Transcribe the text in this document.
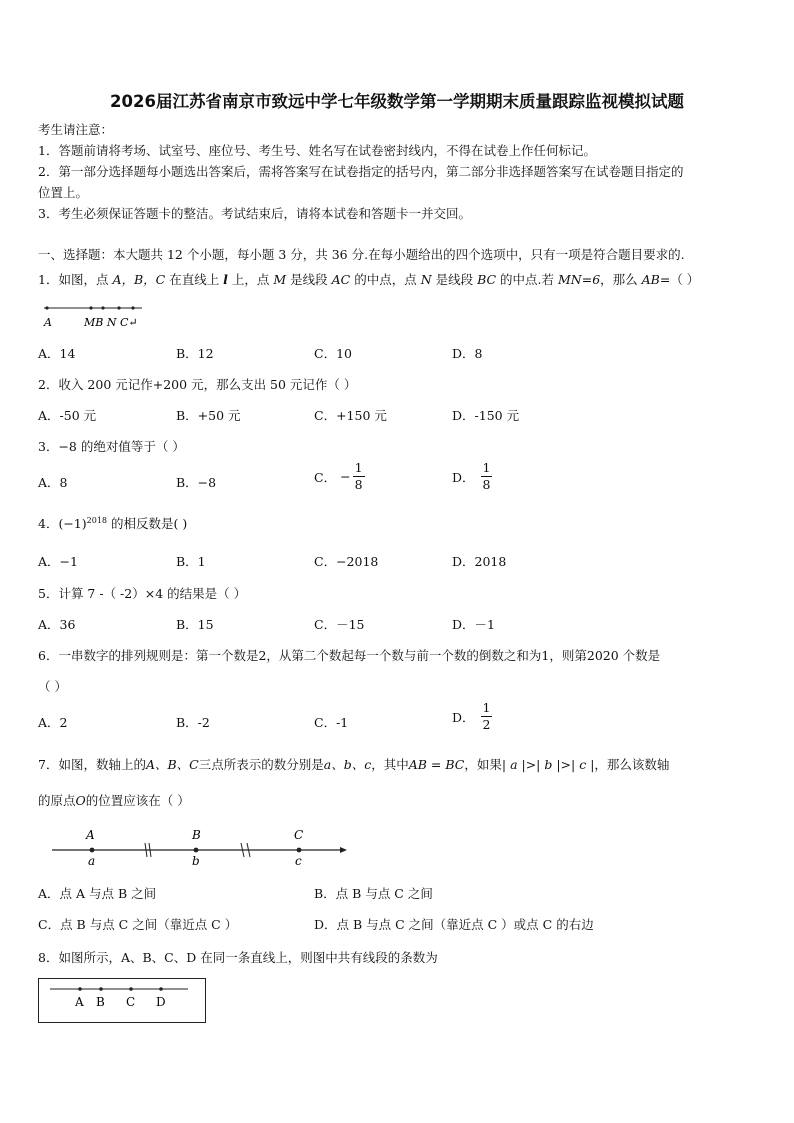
2026届江苏省南京市致远中学七年级数学第一学期期末质量跟踪监视模拟试题
考生请注意：
1．答题前请将考场、试室号、座位号、考生号、姓名写在试卷密封线内，不得在试卷上作任何标记。
2．第一部分选择题每小题选出答案后，需将答案写在试卷指定的括号内，第二部分非选择题答案写在试卷题目指定的
位置上。
3．考生必须保证答题卡的整洁。考试结束后，请将本试卷和答题卡一并交回。
一、选择题：本大题共 12 个小题，每小题 3 分，共 36 分.在每小题给出的四个选项中，只有一项是符合题目要求的.
1．如图，点 A，B，C 在直线上 l 上，点 M 是线段 AC 的中点，点 N 是线段 BC 的中点.若 MN=6，那么 AB=（ ）
A	MB N C↵
A．14	B．12	C．10	D．8
2．收入 200 元记作+200 元，那么支出 50 元记作（ ）
A．-50 元	B．+50 元	C．+150 元	D．-150 元
3．−8 的绝对值等于（ ）
A．8	B．−8	C． − $\frac{1}{8}$	D． $\frac{1}{8}$
4．$(-1)^{2018}$ 的相反数是( )
A．−1	B．1	C．−2018	D．2018
5．计算 7 -（ -2）×4 的结果是（ ）
A．36	B．15	C．－15	D．－1
6．一串数字的排列规则是：第一个数是2，从第二个数起每一个数与前一个数的倒数之和为1，则第2020 个数是
（ ）
A．2	B．-2	C．-1	D． $\frac{1}{2}$
7．如图，数轴上的A、B、C三点所表示的数分别是a、b、c，其中AB = BC，如果| a |>| b |>| c |，那么该数轴
的原点O的位置应该在（ ）
A	B	C
a	b	c
A．点 A 与点 B 之间	B．点 B 与点 C 之间
C．点 B 与点 C 之间（靠近点 C ）	D．点 B 与点 C 之间（靠近点 C ）或点 C 的右边
8．如图所示，A、B、C、D 在同一条直线上，则图中共有线段的条数为
A B C D
